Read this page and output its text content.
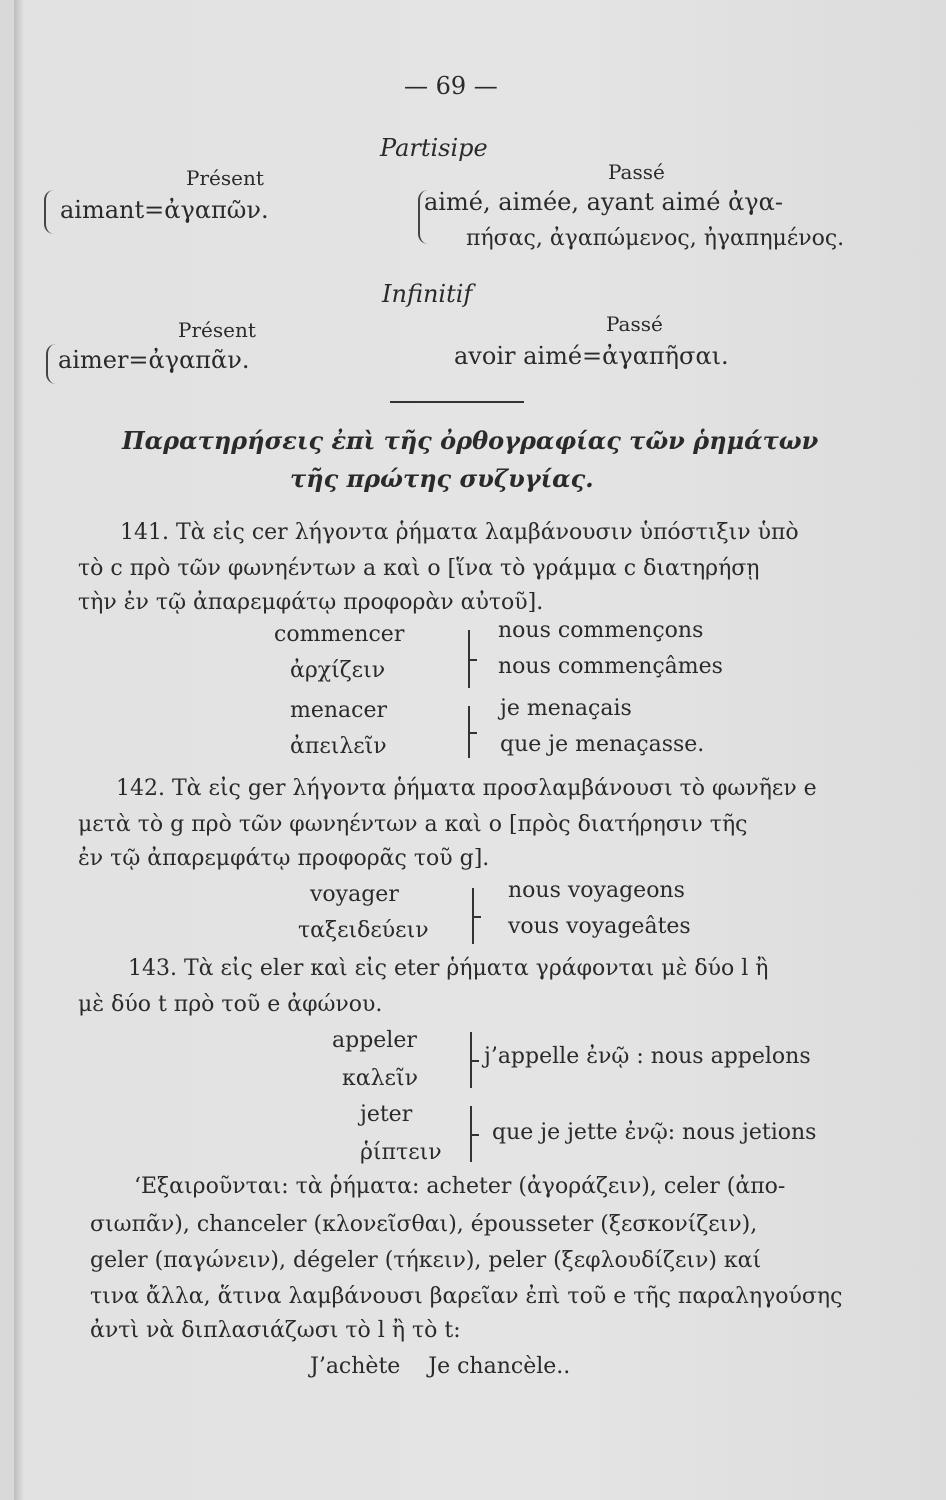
— 69 —
Partisipe
Présent
aimant=ἀγαπῶν.
Passé
aimé, aimée, ayant aimé ἀγα-
πήσας, ἀγαπώμενος, ἠγαπημένος.
Infinitif
Présent
aimer=ἀγαπᾶν.
Passé
avoir aimé=ἀγαπῆσαι.
Παρατηρήσεις ἐπὶ τῆς ὀρθογραφίας τῶν ῥημάτων
τῆς πρώτης συζυγίας.
141. Τὰ εἰς cer λήγοντα ῥήματα λαμβάνουσιν ὑπόστιξιν ὑπὸ
τὸ c πρὸ τῶν φωνηέντων a καὶ o [ἵνα τὸ γράμμα c διατηρήσῃ
τὴν ἐν τῷ ἀπαρεμφάτῳ προφορὰν αὐτοῦ].
commencer
ἀρχίζειν
nous commençons
nous commençâmes
menacer
ἀπειλεῖν
je menaçais
que je menaçasse.
142. Τὰ εἰς ger λήγοντα ῥήματα προσλαμβάνουσι τὸ φωνῆεν e
μετὰ τὸ g πρὸ τῶν φωνηέντων a καὶ o [πρὸς διατήρησιν τῆς
ἐν τῷ ἀπαρεμφάτῳ προφορᾶς τοῦ g].
voyager
ταξειδεύειν
nous voyageons
vous voyageâtes
143. Τὰ εἰς eler καὶ εἰς eter ῥήματα γράφονται μὲ δύο l ἢ
μὲ δύο t πρὸ τοῦ e ἀφώνου.
appeler
καλεῖν
j’appelle ἐνῷ : nous appelons
jeter
ῥίπτειν
que je jette ἐνῷ: nous jetions
‘Εξαιροῦνται: τὰ ῥήματα: acheter (ἀγοράζειν), celer (ἀπο-
σιωπᾶν), chanceler (κλονεῖσθαι), épousseter (ξεσκονίζειν),
geler (παγώνειν), dégeler (τήκειν), peler (ξεφλουδίζειν) καί
τινα ἄλλα, ἅτινα λαμβάνουσι βαρεῖαν ἐπὶ τοῦ e τῆς παραληγούσης
ἀντὶ νὰ διπλασιάζωσι τὸ l ἢ τὸ t:
J’achète    Je chancèle..
